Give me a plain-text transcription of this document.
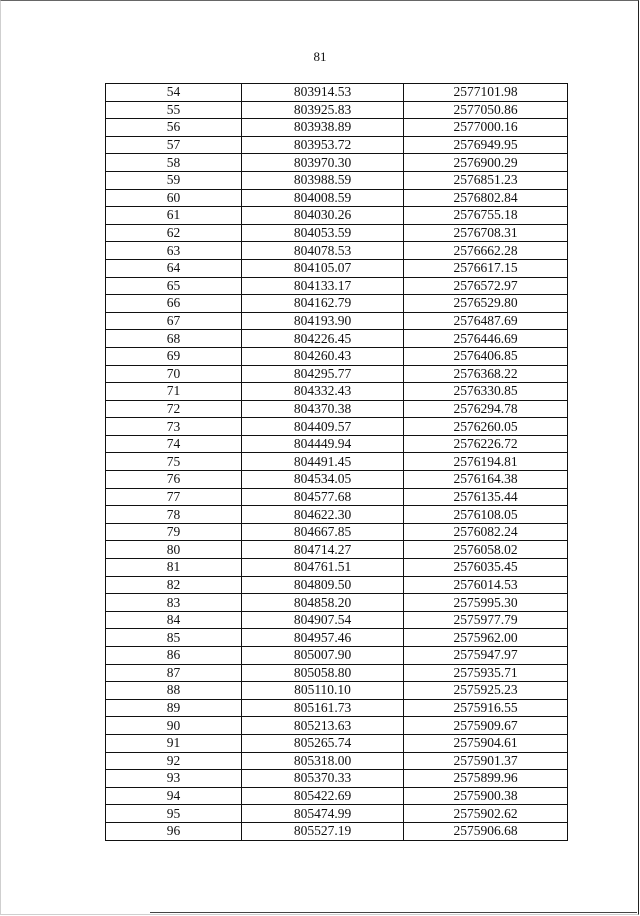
81
54	803914.53	2577101.98
55	803925.83	2577050.86
56	803938.89	2577000.16
57	803953.72	2576949.95
58	803970.30	2576900.29
59	803988.59	2576851.23
60	804008.59	2576802.84
61	804030.26	2576755.18
62	804053.59	2576708.31
63	804078.53	2576662.28
64	804105.07	2576617.15
65	804133.17	2576572.97
66	804162.79	2576529.80
67	804193.90	2576487.69
68	804226.45	2576446.69
69	804260.43	2576406.85
70	804295.77	2576368.22
71	804332.43	2576330.85
72	804370.38	2576294.78
73	804409.57	2576260.05
74	804449.94	2576226.72
75	804491.45	2576194.81
76	804534.05	2576164.38
77	804577.68	2576135.44
78	804622.30	2576108.05
79	804667.85	2576082.24
80	804714.27	2576058.02
81	804761.51	2576035.45
82	804809.50	2576014.53
83	804858.20	2575995.30
84	804907.54	2575977.79
85	804957.46	2575962.00
86	805007.90	2575947.97
87	805058.80	2575935.71
88	805110.10	2575925.23
89	805161.73	2575916.55
90	805213.63	2575909.67
91	805265.74	2575904.61
92	805318.00	2575901.37
93	805370.33	2575899.96
94	805422.69	2575900.38
95	805474.99	2575902.62
96	805527.19	2575906.68
